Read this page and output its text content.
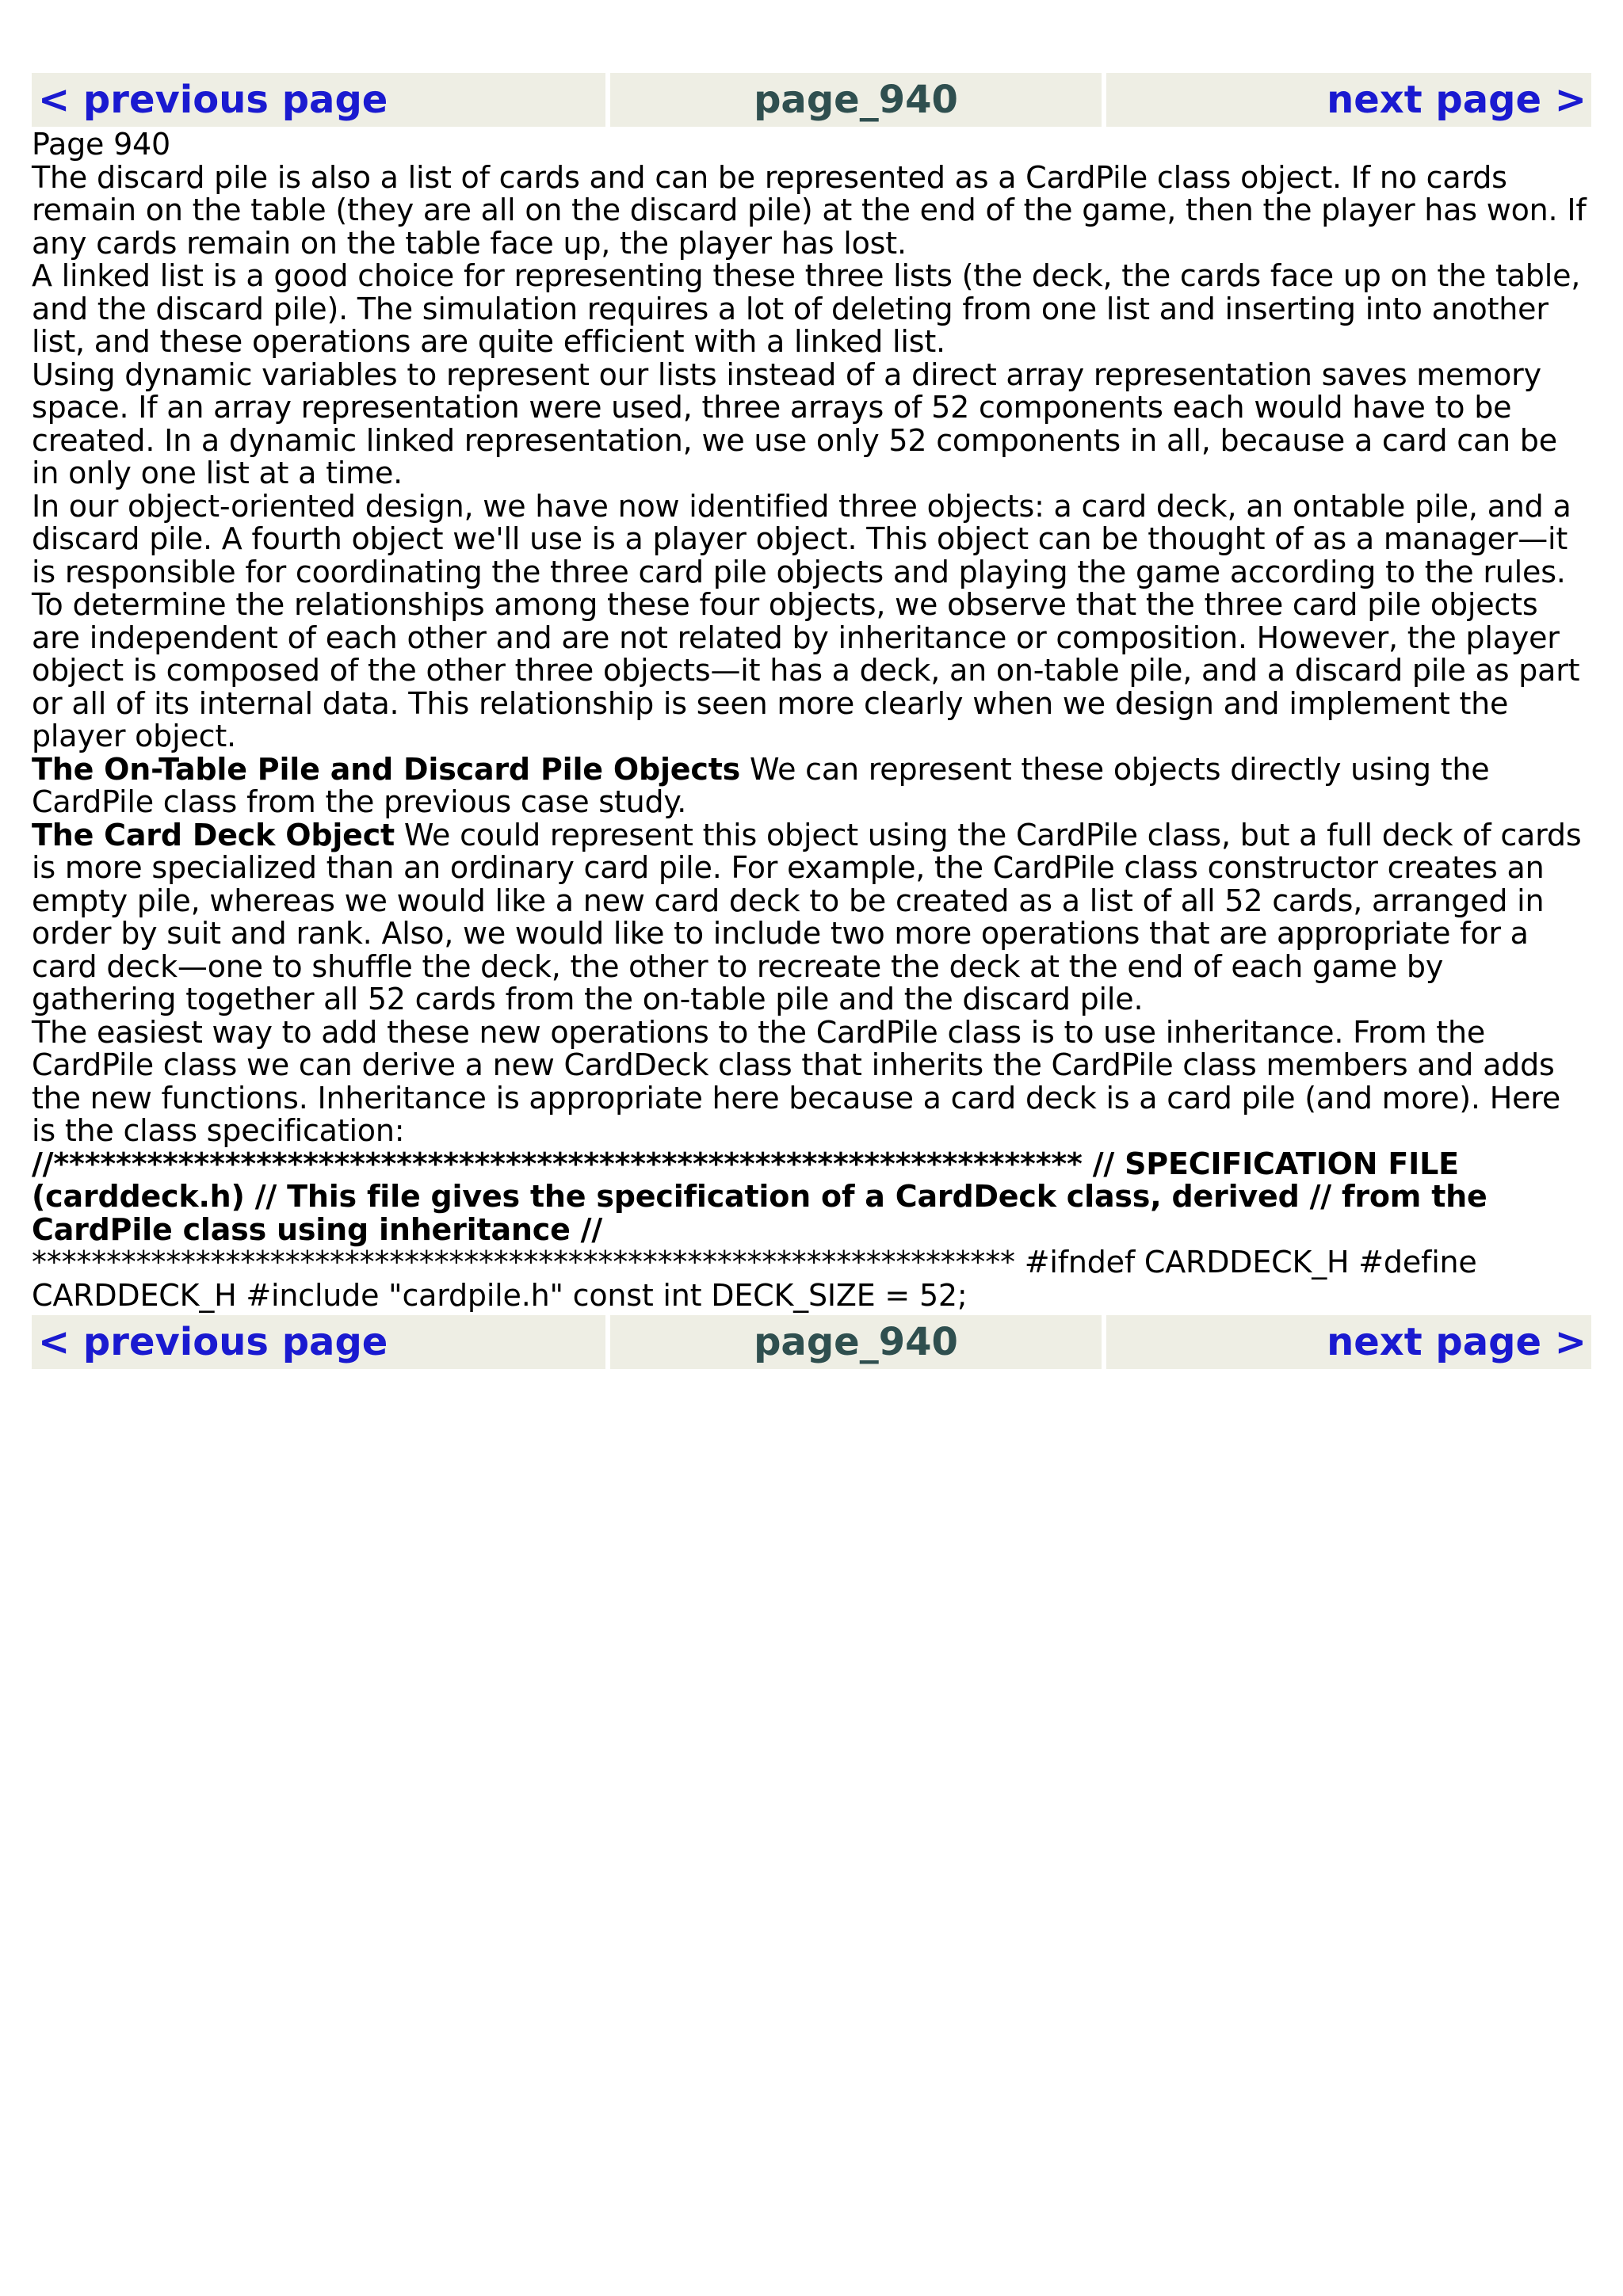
< previous page	page_940	next page >

Page 940

The discard pile is also a list of cards and can be represented as a CardPile class object. If no cards remain on the table (they are all on the discard pile) at the end of the game, then the player has won. If any cards remain on the table face up, the player has lost.

A linked list is a good choice for representing these three lists (the deck, the cards face up on the table, and the discard pile). The simulation requires a lot of deleting from one list and inserting into another list, and these operations are quite efficient with a linked list.

Using dynamic variables to represent our lists instead of a direct array representation saves memory space. If an array representation were used, three arrays of 52 components each would have to be created. In a dynamic linked representation, we use only 52 components in all, because a card can be in only one list at a time.

In our object-oriented design, we have now identified three objects: a card deck, an ontable pile, and a discard pile. A fourth object we'll use is a player object. This object can be thought of as a manager—it is responsible for coordinating the three card pile objects and playing the game according to the rules.

To determine the relationships among these four objects, we observe that the three card pile objects are independent of each other and are not related by inheritance or composition. However, the player object is composed of the other three objects—it has a deck, an on-table pile, and a discard pile as part or all of its internal data. This relationship is seen more clearly when we design and implement the player object.

The On-Table Pile and Discard Pile Objects We can represent these objects directly using the CardPile class from the previous case study.

The Card Deck Object We could represent this object using the CardPile class, but a full deck of cards is more specialized than an ordinary card pile. For example, the CardPile class constructor creates an empty pile, whereas we would like a new card deck to be created as a list of all 52 cards, arranged in order by suit and rank. Also, we would like to include two more operations that are appropriate for a card deck—one to shuffle the deck, the other to recreate the deck at the end of each game by gathering together all 52 cards from the on-table pile and the discard pile.

The easiest way to add these new operations to the CardPile class is to use inheritance. From the CardPile class we can derive a new CardDeck class that inherits the CardPile class members and adds the new functions. Inheritance is appropriate here because a card deck is a card pile (and more). Here is the class specification:

//****************************************************************** // SPECIFICATION FILE (carddeck.h) // This file gives the specification of a CardDeck class, derived // from the CardPile class using inheritance //
****************************************************************** #ifndef CARDDECK_H #define CARDDECK_H #include "cardpile.h" const int DECK_SIZE = 52;

< previous page	page_940	next page >
